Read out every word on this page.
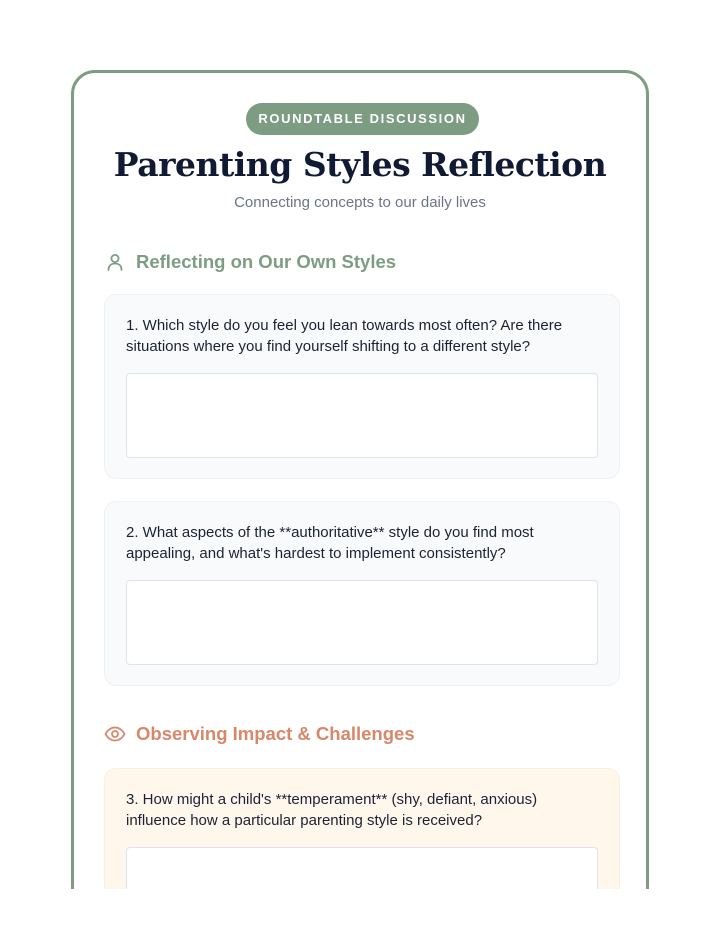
ROUNDTABLE DISCUSSION
Parenting Styles Reflection

Connecting concepts to our daily lives

Reflecting on Our Own Styles

1. Which style do you feel you lean towards most often? Are there situations where you find yourself shifting to a different style?

2. What aspects of the **authoritative** style do you find most appealing, and what's hardest to implement consistently?

Observing Impact & Challenges

3. How might a child's **temperament** (shy, defiant, anxious) influence how a particular parenting style is received?
